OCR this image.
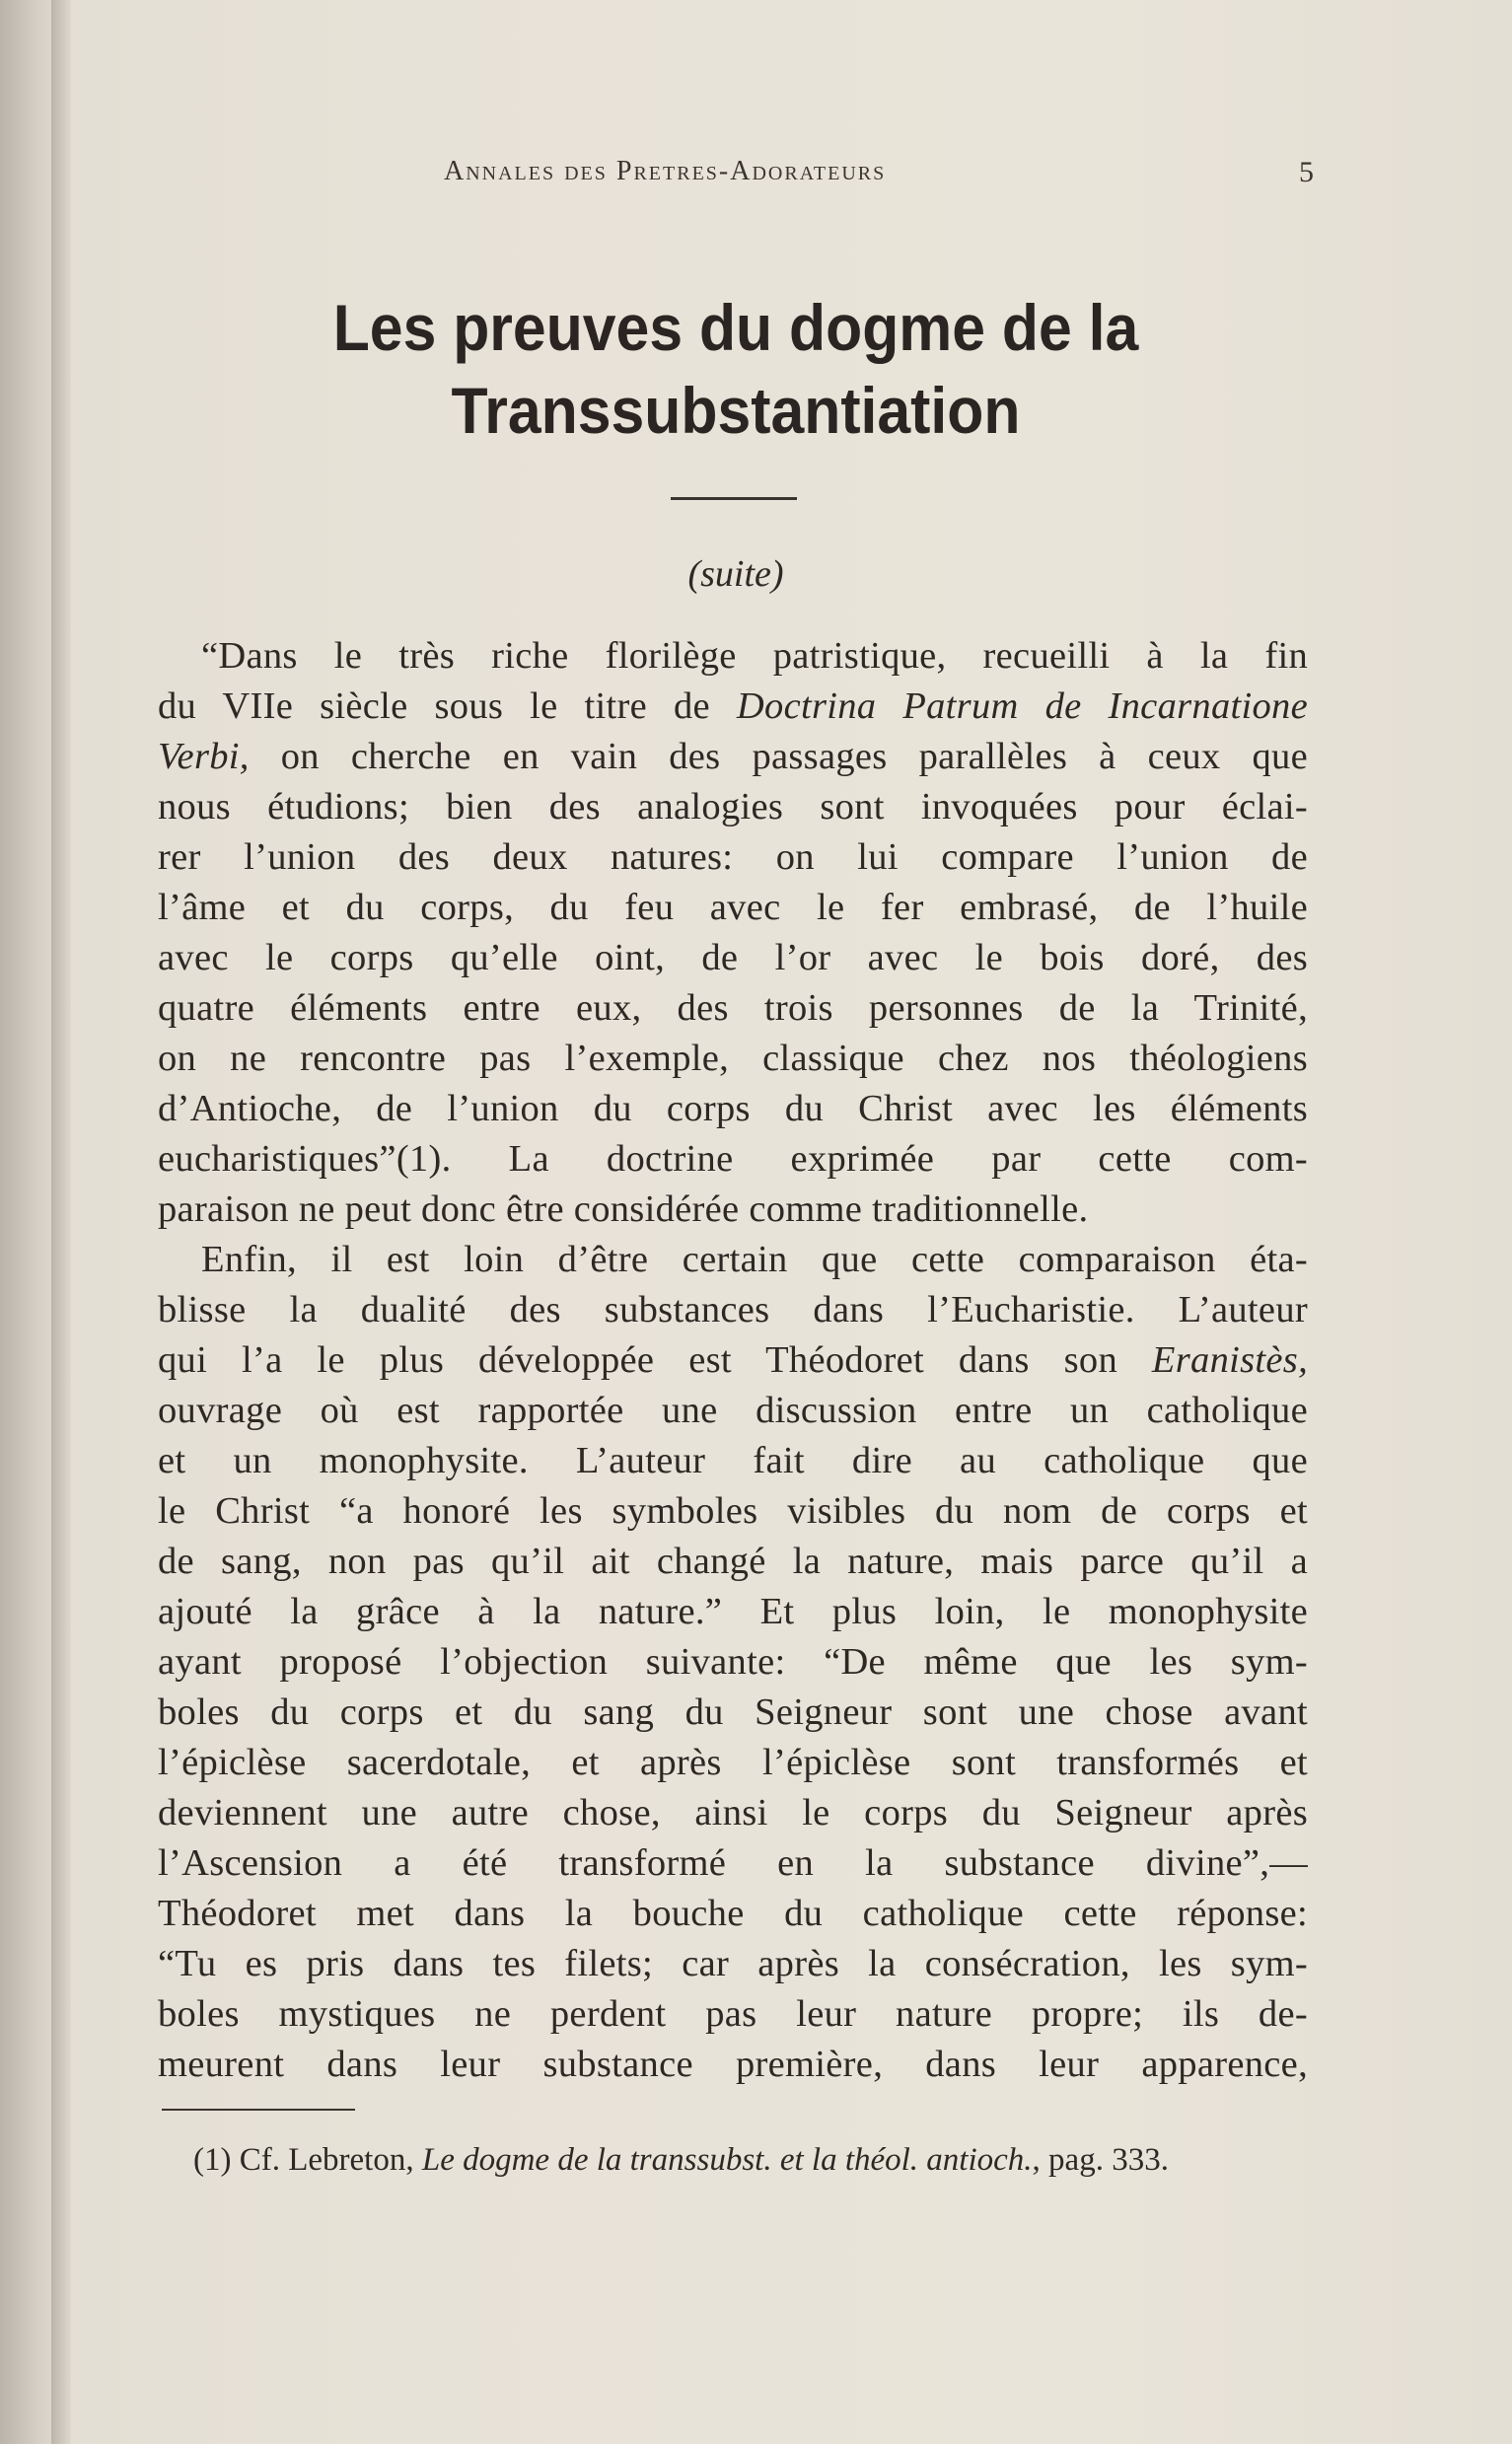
Annales des Pretres-Adorateurs	5
Les preuves du dogme de la
Transsubstantiation
(suite)
“Dans le très riche florilège patristique, recueilli à la fin
du VIIe siècle sous le titre de Doctrina Patrum de Incarnatione
Verbi, on cherche en vain des passages parallèles à ceux que
nous étudions; bien des analogies sont invoquées pour éclai-
rer l’union des deux natures: on lui compare l’union de
l’âme et du corps, du feu avec le fer embrasé, de l’huile
avec le corps qu’elle oint, de l’or avec le bois doré, des
quatre éléments entre eux, des trois personnes de la Trinité,
on ne rencontre pas l’exemple, classique chez nos théologiens
d’Antioche, de l’union du corps du Christ avec les éléments
eucharistiques”(1). La doctrine exprimée par cette com-
paraison ne peut donc être considérée comme traditionnelle.
Enfin, il est loin d’être certain que cette comparaison éta-
blisse la dualité des substances dans l’Eucharistie. L’auteur
qui l’a le plus développée est Théodoret dans son Eranistès,
ouvrage où est rapportée une discussion entre un catholique
et un monophysite. L’auteur fait dire au catholique que
le Christ “a honoré les symboles visibles du nom de corps et
de sang, non pas qu’il ait changé la nature, mais parce qu’il a
ajouté la grâce à la nature.” Et plus loin, le monophysite
ayant proposé l’objection suivante: “De même que les sym-
boles du corps et du sang du Seigneur sont une chose avant
l’épiclèse sacerdotale, et après l’épiclèse sont transformés et
deviennent une autre chose, ainsi le corps du Seigneur après
l’Ascension a été transformé en la substance divine”,—
Théodoret met dans la bouche du catholique cette réponse:
“Tu es pris dans tes filets; car après la consécration, les sym-
boles mystiques ne perdent pas leur nature propre; ils de-
meurent dans leur substance première, dans leur apparence,
(1) Cf. Lebreton, Le dogme de la transsubst. et la théol. antioch., pag. 333.
